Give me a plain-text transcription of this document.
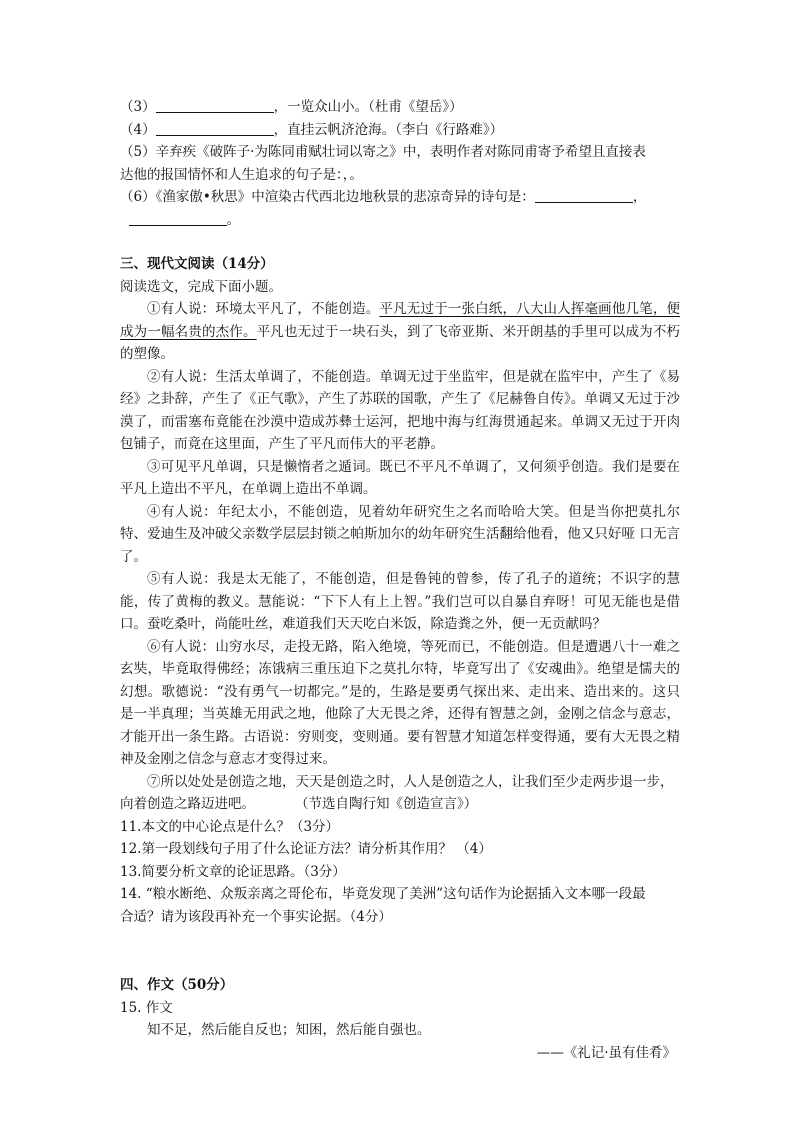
（3）	，一览众山小。（杜甫《望岳》）
（4）	，直挂云帆济沧海。（李白《行路难》）
（5）辛弃疾《破阵子·为陈同甫赋壮词以寄之》中，表明作者对陈同甫寄予希望且直接表
达他的报国情怀和人生追求的句子是：，。
（6）《渔家傲•秋思》中渲染古代西北边地秋景的悲凉奇异的诗句是：	，
。
三、现代文阅读（14分）
阅读选文，完成下面小题。
①有人说：环境太平凡了，不能创造。平凡无过于一张白纸，八大山人挥毫画他几笔，便成为一幅名贵的杰作。平凡也无过于一块石头，到了飞帝亚斯、米开朗基的手里可以成为不朽的塑像。
②有人说：生活太单调了，不能创造。单调无过于坐监牢，但是就在监牢中，产生了《易经》之卦辞，产生了《正气歌》，产生了苏联的国歌，产生了《尼赫鲁自传》。单调又无过于沙漠了，而雷塞布竟能在沙漠中造成苏彝士运河，把地中海与红海贯通起来。单调又无过于开肉包铺子，而竟在这里面，产生了平凡而伟大的平老静。
③可见平凡单调，只是懒惰者之遁词。既已不平凡不单调了，又何须乎创造。我们是要在平凡上造出不平凡，在单调上造出不单调。
④有人说：年纪太小，不能创造，见着幼年研究生之名而哈哈大笑。但是当你把莫扎尔特、爱迪生及冲破父亲数学层层封锁之帕斯加尔的幼年研究生活翻给他看，他又只好哑 口无言了。
⑤有人说：我是太无能了，不能创造，但是鲁钝的曾参，传了孔子的道统；不识字的慧能，传了黄梅的教义。慧能说：“下下人有上上智。”我们岂可以自暴自弃呀！可见无能也是借口。蚕吃桑叶，尚能吐丝，难道我们天天吃白米饭，除造粪之外，便一无贡献吗？
⑥有人说：山穷水尽，走投无路，陷入绝境，等死而已，不能创造。但是遭遇八十一难之玄奘，毕竟取得佛经；冻饿病三重压迫下之莫扎尔特，毕竟写出了《安魂曲》。绝望是懦夫的幻想。歌德说：“没有勇气一切都完。”是的，生路是要勇气探出来、走出来、造出来的。这只是一半真理；当英雄无用武之地，他除了大无畏之斧，还得有智慧之剑，金刚之信念与意志，才能开出一条生路。古语说：穷则变，变则通。要有智慧才知道怎样变得通，要有大无畏之精神及金刚之信念与意志才变得过来。
⑦所以处处是创造之地，天天是创造之时，人人是创造之人，让我们至少走两步退一步，
向着创造之路迈进吧。	（节选自陶行知《创造宣言》）
11.本文的中心论点是什么？（3分）
12.第一段划线句子用了什么论证方法？请分析其作用？ （4）
13.简要分析文章的论证思路。（3分）
14. “粮水断绝、众叛亲离之哥伦布，毕竟发现了美洲”这句话作为论据插入文本哪一段最
合适？请为该段再补充一个事实论据。（4分）
四、作文（50分）
15. 作文
知不足，然后能自反也；知困，然后能自强也。
——《礼记·虽有佳肴》
